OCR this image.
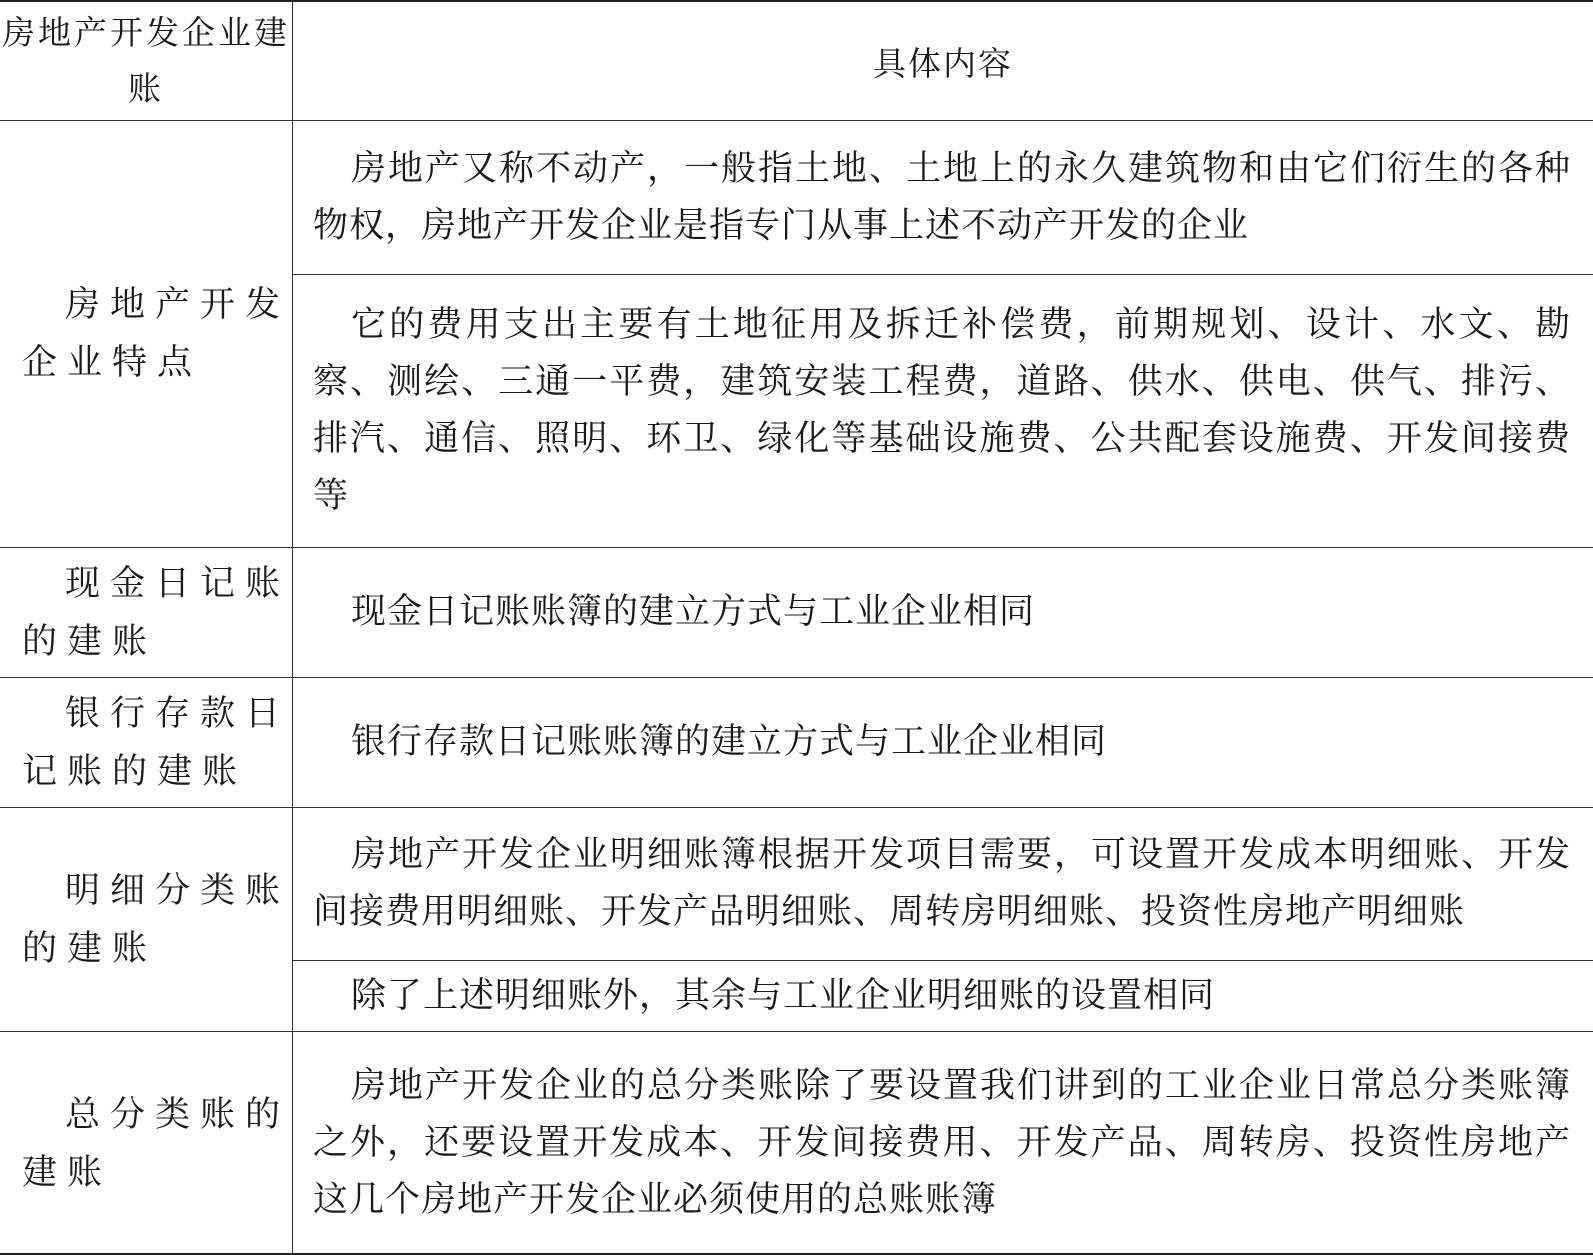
房地产开发企业建账
具体内容
房地产开发企业特点
房地产又称不动产，一般指土地、土地上的永久建筑物和由它们衍生的各种物权，房地产开发企业是指专门从事上述不动产开发的企业
它的费用支出主要有土地征用及拆迁补偿费，前期规划、设计、水文、勘察、测绘、三通一平费，建筑安装工程费，道路、供水、供电、供气、排污、排汽、通信、照明、环卫、绿化等基础设施费、公共配套设施费、开发间接费等
现金日记账的建账
现金日记账账簿的建立方式与工业企业相同
银行存款日记账的建账
银行存款日记账账簿的建立方式与工业企业相同
明细分类账的建账
房地产开发企业明细账簿根据开发项目需要，可设置开发成本明细账、开发间接费用明细账、开发产品明细账、周转房明细账、投资性房地产明细账
除了上述明细账外，其余与工业企业明细账的设置相同
总分类账的建账
房地产开发企业的总分类账除了要设置我们讲到的工业企业日常总分类账簿之外，还要设置开发成本、开发间接费用、开发产品、周转房、投资性房地产这几个房地产开发企业必须使用的总账账簿
